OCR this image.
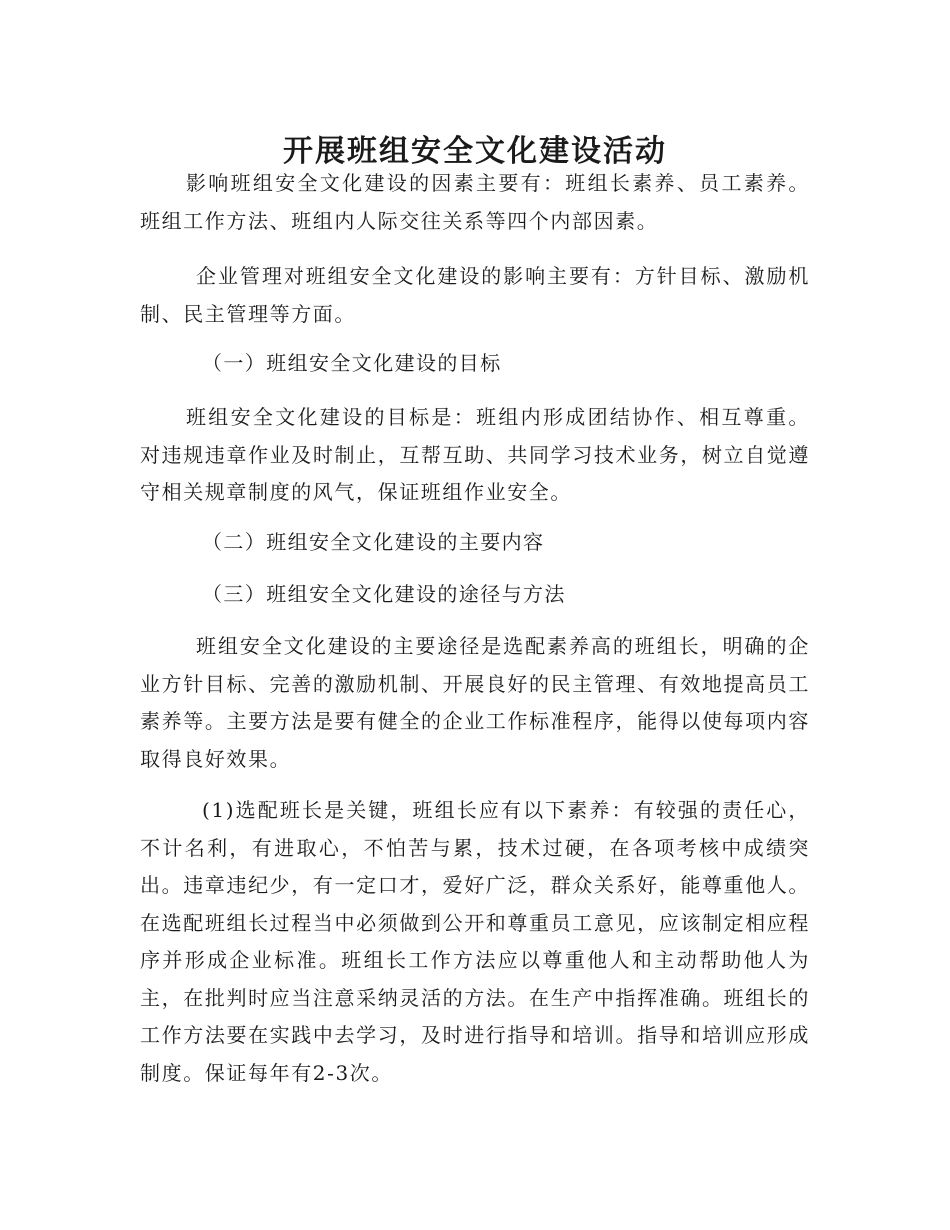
开展班组安全文化建设活动

影响班组安全文化建设的因素主要有：班组长素养、员工素养。班组工作方法、班组内人际交往关系等四个内部因素。

企业管理对班组安全文化建设的影响主要有：方针目标、激励机制、民主管理等方面。

（一）班组安全文化建设的目标

班组安全文化建设的目标是：班组内形成团结协作、相互尊重。对违规违章作业及时制止，互帮互助、共同学习技术业务，树立自觉遵守相关规章制度的风气，保证班组作业安全。

（二）班组安全文化建设的主要内容

（三）班组安全文化建设的途径与方法

班组安全文化建设的主要途径是选配素养高的班组长，明确的企业方针目标、完善的激励机制、开展良好的民主管理、有效地提高员工素养等。主要方法是要有健全的企业工作标准程序，能得以使每项内容取得良好效果。

(1)选配班长是关键，班组长应有以下素养：有较强的责任心，不计名利，有进取心，不怕苦与累，技术过硬，在各项考核中成绩突出。违章违纪少，有一定口才，爱好广泛，群众关系好，能尊重他人。在选配班组长过程当中必须做到公开和尊重员工意见，应该制定相应程序并形成企业标准。班组长工作方法应以尊重他人和主动帮助他人为主，在批判时应当注意采纳灵活的方法。在生产中指挥准确。班组长的工作方法要在实践中去学习，及时进行指导和培训。指导和培训应形成制度。保证每年有2-3次。
